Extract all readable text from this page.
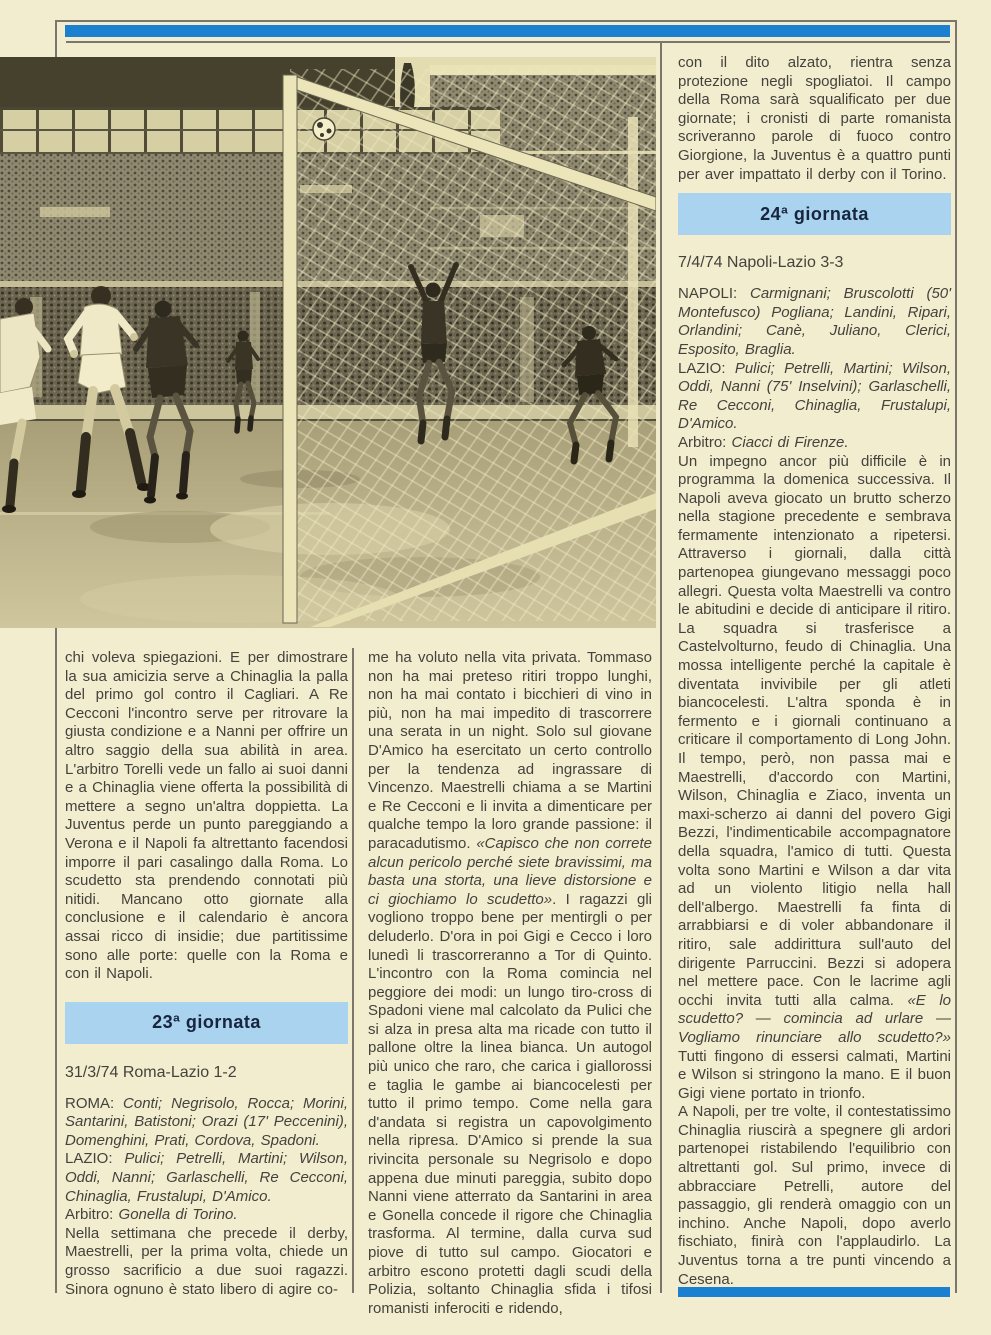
chi voleva spiegazioni. E per dimostrare la sua amicizia serve a Chinaglia la palla del primo gol contro il Cagliari. A Re Cecconi l'incontro serve per ritrovare la giusta condizione e a Nanni per offrire un altro saggio della sua abilità in area. L'arbitro Torelli vede un fallo ai suoi danni e a Chinaglia viene offerta la possibilità di mettere a segno un'altra doppietta. La Juventus perde un punto pareggiando a Verona e il Napoli fa altrettanto facendosi imporre il pari casalingo dalla Roma. Lo scudetto sta prendendo connotati più nitidi. Mancano otto giornate alla conclusione e il calendario è ancora assai ricco di insidie; due partitissime sono alle porte: quelle con la Roma e con il Napoli.

23ª giornata

31/3/74 Roma-Lazio 1-2

ROMA: Conti; Negrisolo, Rocca; Morini, Santarini, Batistoni; Orazi (17' Peccenini), Domenghini, Prati, Cordova, Spadoni.

LAZIO: Pulici; Petrelli, Martini; Wilson, Oddi, Nanni; Garlaschelli, Re Cecconi, Chinaglia, Frustalupi, D'Amico.

Arbitro: Gonella di Torino.

Nella settimana che precede il derby, Maestrelli, per la prima volta, chiede un grosso sacrificio a due suoi ragazzi. Sinora ognuno è stato libero di agire co-

me ha voluto nella vita privata. Tommaso non ha mai preteso ritiri troppo lunghi, non ha mai contato i bicchieri di vino in più, non ha mai impedito di trascorrere una serata in un night. Solo sul giovane D'Amico ha esercitato un certo controllo per la tendenza ad ingrassare di Vincenzo. Maestrelli chiama a se Martini e Re Cecconi e li invita a dimenticare per qualche tempo la loro grande passione: il paracadutismo. «Capisco che non correte alcun pericolo perché siete bravissimi, ma basta una storta, una lieve distorsione e ci giochiamo lo scudetto». I ragazzi gli vogliono troppo bene per mentirgli o per deluderlo. D'ora in poi Gigi e Cecco i loro lunedì li trascorreranno a Tor di Quinto. L'incontro con la Roma comincia nel peggiore dei modi: un lungo tiro-cross di Spadoni viene mal calcolato da Pulici che si alza in presa alta ma ricade con tutto il pallone oltre la linea bianca. Un autogol più unico che raro, che carica i giallorossi e taglia le gambe ai biancocelesti per tutto il primo tempo. Come nella gara d'andata si registra un capovolgimento nella ripresa. D'Amico si prende la sua rivincita personale su Negrisolo e dopo appena due minuti pareggia, subito dopo Nanni viene atterrato da Santarini in area e Gonella concede il rigore che Chinaglia trasforma. Al termine, dalla curva sud piove di tutto sul campo. Giocatori e arbitro escono protetti dagli scudi della Polizia, soltanto Chinaglia sfida i tifosi romanisti inferociti e ridendo,

con il dito alzato, rientra senza protezione negli spogliatoi. Il campo della Roma sarà squalificato per due giornate; i cronisti di parte romanista scriveranno parole di fuoco contro Giorgione, la Juventus è a quattro punti per aver impattato il derby con il Torino.

24ª giornata

7/4/74 Napoli-Lazio 3-3

NAPOLI: Carmignani; Bruscolotti (50' Montefusco) Pogliana; Landini, Ripari, Orlandini; Canè, Juliano, Clerici, Esposito, Braglia.

LAZIO: Pulici; Petrelli, Martini; Wilson, Oddi, Nanni (75' Inselvini); Garlaschelli, Re Cecconi, Chinaglia, Frustalupi, D'Amico.

Arbitro: Ciacci di Firenze.

Un impegno ancor più difficile è in programma la domenica successiva. Il Napoli aveva giocato un brutto scherzo nella stagione precedente e sembrava fermamente intenzionato a ripetersi. Attraverso i giornali, dalla città partenopea giungevano messaggi poco allegri. Questa volta Maestrelli va contro le abitudini e decide di anticipare il ritiro. La squadra si trasferisce a Castelvolturno, feudo di Chinaglia. Una mossa intelligente perché la capitale è diventata invivibile per gli atleti biancocelesti. L'altra sponda è in fermento e i giornali continuano a criticare il comportamento di Long John. Il tempo, però, non passa mai e Maestrelli, d'accordo con Martini, Wilson, Chinaglia e Ziaco, inventa un maxi-scherzo ai danni del povero Gigi Bezzi, l'indimenticabile accompagnatore della squadra, l'amico di tutti. Questa volta sono Martini e Wilson a dar vita ad un violento litigio nella hall dell'albergo. Maestrelli fa finta di arrabbiarsi e di voler abbandonare il ritiro, sale addirittura sull'auto del dirigente Parruccini. Bezzi si adopera nel mettere pace. Con le lacrime agli occhi invita tutti alla calma. «E lo scudetto? — comincia ad urlare — Vogliamo rinunciare allo scudetto?» Tutti fingono di essersi calmati, Martini e Wilson si stringono la mano. E il buon Gigi viene portato in trionfo.

A Napoli, per tre volte, il contestatissimo Chinaglia riuscirà a spegnere gli ardori partenopei ristabilendo l'equilibrio con altrettanti gol. Sul primo, invece di abbracciare Petrelli, autore del passaggio, gli renderà omaggio con un inchino. Anche Napoli, dopo averlo fischiato, finirà con l'applaudirlo. La Juventus torna a tre punti vincendo a Cesena.
